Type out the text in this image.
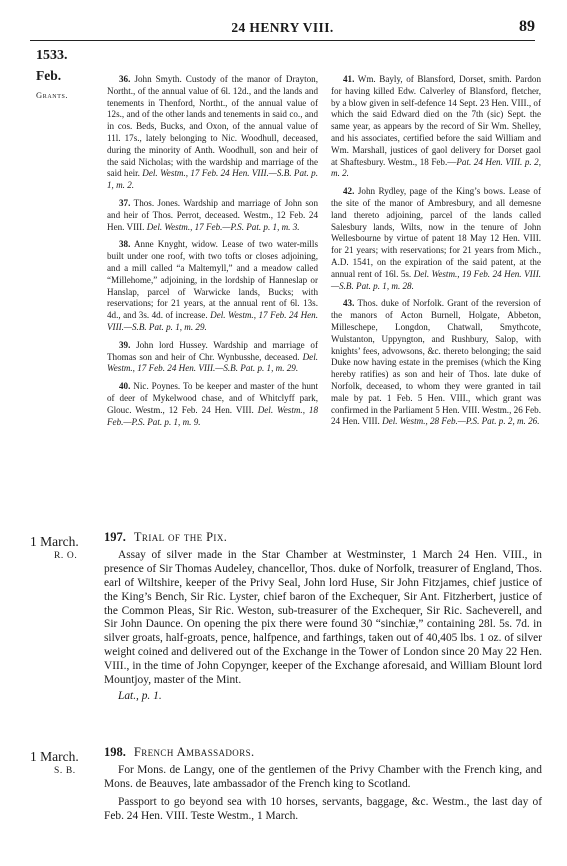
24 HENRY VIII.	89
1533.
Feb.
Grants.

36. John Smyth. Custody of the manor of Drayton, Northt., of the annual value of 6l. 12d., and the lands and tenements in Thenford, Northt., of the annual value of 12s., and of the other lands and tenements in said co., and in cos. Beds, Bucks, and Oxon, of the annual value of 11l. 17s., lately belonging to Nic. Woodhull, deceased, during the minority of Anth. Woodhull, son and heir of the said Nicholas; with the wardship and marriage of the said heir. Del. Westm., 17 Feb. 24 Hen. VIII.—S.B. Pat. p. 1, m. 2.

37. Thos. Jones. Wardship and marriage of John son and heir of Thos. Perrot, deceased. Westm., 12 Feb. 24 Hen. VIII. Del. Westm., 17 Feb.—P.S. Pat. p. 1, m. 3.

38. Anne Knyght, widow. Lease of two water-mills built under one roof, with two tofts or closes adjoining, and a mill called “a Maltemyll,” and a meadow called “Millehome,” adjoining, in the lordship of Hanneslap or Hanslap, parcel of Warwicke lands, Bucks; with reservations; for 21 years, at the annual rent of 6l. 13s. 4d., and 3s. 4d. of increase. Del. Westm., 17 Feb. 24 Hen. VIII.—S.B. Pat. p. 1, m. 29.

39. John lord Hussey. Wardship and marriage of Thomas son and heir of Chr. Wynbusshe, deceased. Del. Westm., 17 Feb. 24 Hen. VIII.—S.B. Pat. p. 1, m. 29.

40. Nic. Poynes. To be keeper and master of the hunt of deer of Mykelwood chase, and of Whitclyff park, Glouc. Westm., 12 Feb. 24 Hen. VIII. Del. Westm., 18 Feb.—P.S. Pat. p. 1, m. 9.

41. Wm. Bayly, of Blansford, Dorset, smith. Pardon for having killed Edw. Calverley of Blansford, fletcher, by a blow given in self-defence 14 Sept. 23 Hen. VIII., of which the said Edward died on the 7th (sic) Sept. the same year, as appears by the record of Sir Wm. Shelley, and his associates, certified before the said William and Wm. Marshall, justices of gaol delivery for Dorset gaol at Shaftesbury. Westm., 18 Feb.—Pat. 24 Hen. VIII. p. 2, m. 2.

42. John Rydley, page of the King’s bows. Lease of the site of the manor of Ambresbury, and all demesne land thereto adjoining, parcel of the lands called Salesbury lands, Wilts, now in the tenure of John Wellesbourne by virtue of patent 18 May 12 Hen. VIII. for 21 years; with reservations; for 21 years from Mich., A.D. 1541, on the expiration of the said patent, at the annual rent of 16l. 5s. Del. Westm., 19 Feb. 24 Hen. VIII.—S.B. Pat. p. 1, m. 28.

43. Thos. duke of Norfolk. Grant of the reversion of the manors of Acton Burnell, Holgate, Abbeton, Milleschepe, Longdon, Chatwall, Smythcote, Wulstanton, Uppyngton, and Rushbury, Salop, with knights’ fees, advowsons, &c. thereto belonging; the said Duke now having estate in the premises (which the King hereby ratifies) as son and heir of Thos. late duke of Norfolk, deceased, to whom they were granted in tail male by pat. 1 Feb. 5 Hen. VIII., which grant was confirmed in the Parliament 5 Hen. VIII. Westm., 26 Feb. 24 Hen. VIII. Del. Westm., 28 Feb.—P.S. Pat. p. 2, m. 26.

1 March.
R. O.

197. Trial of the Pix.

Assay of silver made in the Star Chamber at Westminster, 1 March 24 Hen. VIII., in presence of Sir Thomas Audeley, chancellor, Thos. duke of Norfolk, treasurer of England, Thos. earl of Wiltshire, keeper of the Privy Seal, John lord Huse, Sir John Fitzjames, chief justice of the King’s Bench, Sir Ric. Lyster, chief baron of the Exchequer, Sir Ant. Fitzherbert, justice of the Common Pleas, Sir Ric. Weston, sub-treasurer of the Exchequer, Sir Ric. Sacheverell, and Sir John Daunce. On opening the pix there were found 30 “sinchiæ,” containing 28l. 5s. 7d. in silver groats, half-groats, pence, halfpence, and farthings, taken out of 40,405 lbs. 1 oz. of silver weight coined and delivered out of the Exchange in the Tower of London since 20 May 22 Hen. VIII., in the time of John Copynger, keeper of the Exchange aforesaid, and William Blount lord Mountjoy, master of the Mint.

Lat., p. 1.

1 March.
S. B.

198. French Ambassadors.

For Mons. de Langy, one of the gentlemen of the Privy Chamber with the French king, and Mons. de Beauves, late ambassador of the French king to Scotland.

Passport to go beyond sea with 10 horses, servants, baggage, &c. Westm., the last day of Feb. 24 Hen. VIII. Teste Westm., 1 March.
